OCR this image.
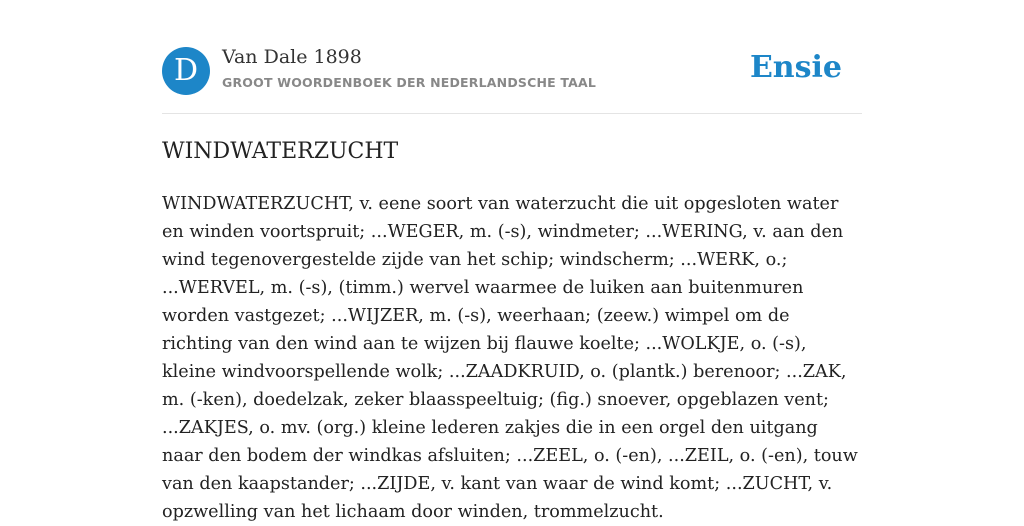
D	Van Dale 1898
GROOT WOORDENBOEK DER NEDERLANDSCHE TAAL	Ensie
WINDWATERZUCHT

WINDWATERZUCHT, v. eene soort van waterzucht die uit opgesloten water en winden voortspruit; ...WEGER, m. (-s), windmeter; ...WERING, v. aan den wind tegenovergestelde zijde van het schip; windscherm; ...WERK, o.; ...WERVEL, m. (-s), (timm.) wervel waarmee de luiken aan buitenmuren worden vastgezet; ...WIJZER, m. (-s), weerhaan; (zeew.) wimpel om de richting van den wind aan te wijzen bij flauwe koelte; ...WOLKJE, o. (-s), kleine windvoorspellende wolk; ...ZAADKRUID, o. (plantk.) berenoor; ...ZAK, m. (-ken), doedelzak, zeker blaasspeeltuig; (fig.) snoever, opgeblazen vent; ...ZAKJES, o. mv. (org.) kleine lederen zakjes die in een orgel den uitgang naar den bodem der windkas afsluiten; ...ZEEL, o. (-en), ...ZEIL, o. (-en), touw van den kaapstander; ...ZIJDE, v. kant van waar de wind komt; ...ZUCHT, v. opzwelling van het lichaam door winden, trommelzucht.
